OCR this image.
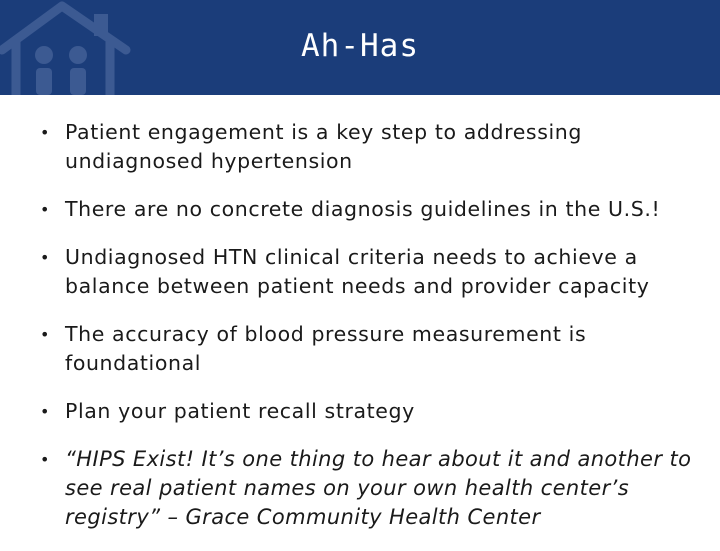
Ah-Has
• Patient engagement is a key step to addressing undiagnosed hypertension
• There are no concrete diagnosis guidelines in the U.S.!
• Undiagnosed HTN clinical criteria needs to achieve a balance between patient needs and provider capacity
• The accuracy of blood pressure measurement is foundational
• Plan your patient recall strategy
• “HIPS Exist! It’s one thing to hear about it and another to see real patient names on your own health center’s registry” – Grace Community Health Center
